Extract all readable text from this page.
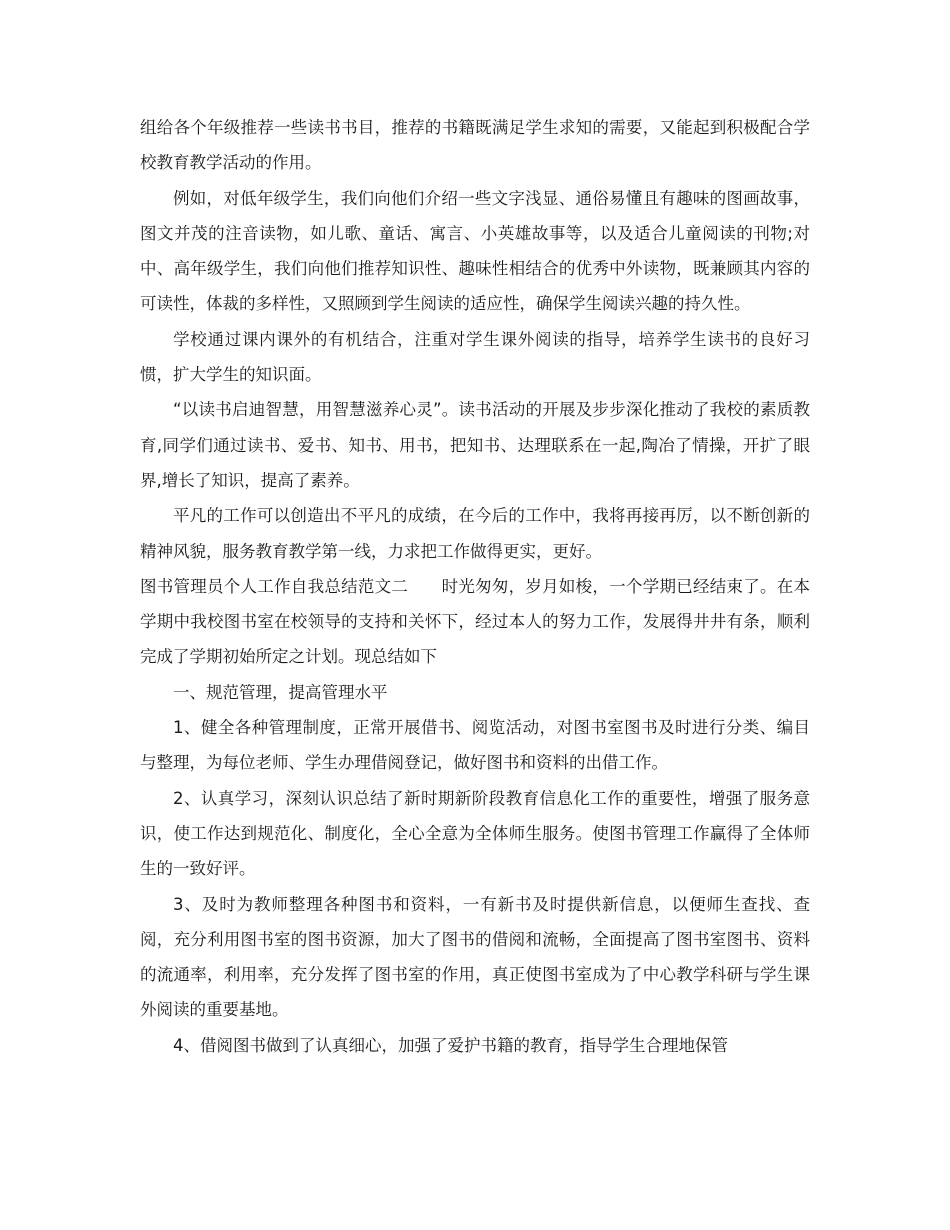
组给各个年级推荐一些读书书目，推荐的书籍既满足学生求知的需要，又能起到积极配合学校教育教学活动的作用。

例如，对低年级学生，我们向他们介绍一些文字浅显、通俗易懂且有趣味的图画故事，图文并茂的注音读物，如儿歌、童话、寓言、小英雄故事等，以及适合儿童阅读的刊物;对中、高年级学生，我们向他们推荐知识性、趣味性相结合的优秀中外读物，既兼顾其内容的可读性，体裁的多样性，又照顾到学生阅读的适应性，确保学生阅读兴趣的持久性。

学校通过课内课外的有机结合，注重对学生课外阅读的指导，培养学生读书的良好习惯，扩大学生的知识面。

“以读书启迪智慧，用智慧滋养心灵”。读书活动的开展及步步深化推动了我校的素质教育,同学们通过读书、爱书、知书、用书，把知书、达理联系在一起,陶冶了情操，开扩了眼界,增长了知识，提高了素养。

平凡的工作可以创造出不平凡的成绩，在今后的工作中，我将再接再厉，以不断创新的精神风貌，服务教育教学第一线，力求把工作做得更实，更好。

图书管理员个人工作自我总结范文二　　时光匆匆，岁月如梭，一个学期已经结束了。在本学期中我校图书室在校领导的支持和关怀下，经过本人的努力工作，发展得井井有条，顺利完成了学期初始所定之计划。现总结如下

一、规范管理，提高管理水平

1、健全各种管理制度，正常开展借书、阅览活动，对图书室图书及时进行分类、编目与整理，为每位老师、学生办理借阅登记，做好图书和资料的出借工作。

2、认真学习，深刻认识总结了新时期新阶段教育信息化工作的重要性，增强了服务意识，使工作达到规范化、制度化，全心全意为全体师生服务。使图书管理工作赢得了全体师生的一致好评。

3、及时为教师整理各种图书和资料，一有新书及时提供新信息，以便师生查找、查阅，充分利用图书室的图书资源，加大了图书的借阅和流畅，全面提高了图书室图书、资料的流通率，利用率，充分发挥了图书室的作用，真正使图书室成为了中心教学科研与学生课外阅读的重要基地。

4、借阅图书做到了认真细心，加强了爱护书籍的教育，指导学生合理地保管
